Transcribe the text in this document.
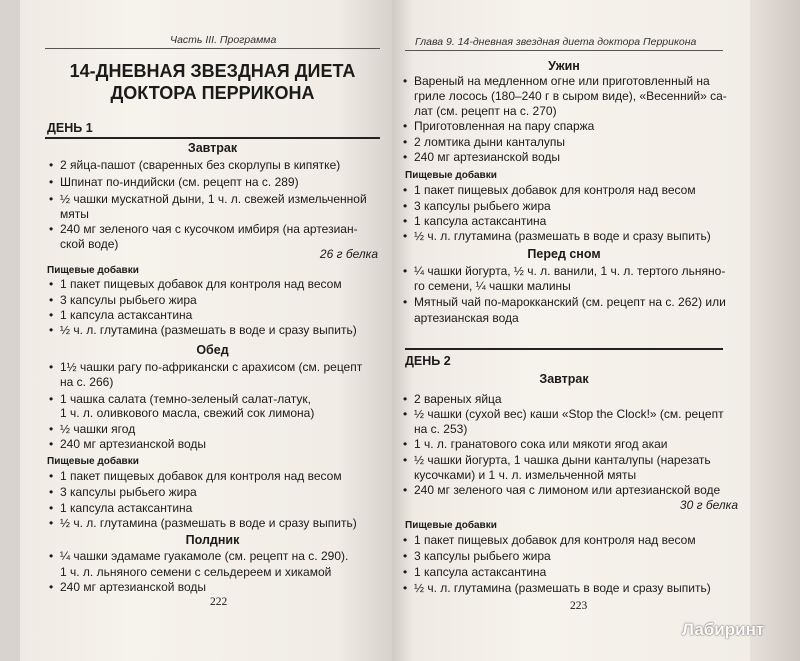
Часть III. Программа
14-ДНЕВНАЯ ЗВЕЗДНАЯ ДИЕТА
ДОКТОРА ПЕРРИКОНА
ДЕНЬ 1
Завтрак
• 2 яйца-пашот (сваренных без скорлупы в кипятке)
• Шпинат по-индийски (см. рецепт на с. 289)
• ½ чашки мускатной дыни, 1 ч. л. свежей измельченной
мяты
• 240 мг зеленого чая с кусочком имбиря (на артезиан-
ской воде)
26 г белка
Пищевые добавки
• 1 пакет пищевых добавок для контроля над весом
• 3 капсулы рыбьего жира
• 1 капсула астаксантина
• ½ ч. л. глутамина (размешать в воде и сразу выпить)
Обед
• 1½ чашки рагу по-африкански с арахисом (см. рецепт
на с. 266)
• 1 чашка салата (темно-зеленый салат-латук,
1 ч. л. оливкового масла, свежий сок лимона)
• ½ чашки ягод
• 240 мг артезианской воды
Пищевые добавки
• 1 пакет пищевых добавок для контроля над весом
• 3 капсулы рыбьего жира
• 1 капсула астаксантина
• ½ ч. л. глутамина (размешать в воде и сразу выпить)
Полдник
• ¼ чашки эдамаме гуакамоле (см. рецепт на с. 290).
1 ч. л. льняного семени с сельдереем и хикамой
• 240 мг артезианской воды
222
Глава 9. 14-дневная звездная диета доктора Перрикона
Ужин
• Вареный на медленном огне или приготовленный на
гриле лосось (180–240 г в сыром виде), «Весенний» са-
лат (см. рецепт на с. 270)
• Приготовленная на пару спаржа
• 2 ломтика дыни канталупы
• 240 мг артезианской воды
Пищевые добавки
• 1 пакет пищевых добавок для контроля над весом
• 3 капсулы рыбьего жира
• 1 капсула астаксантина
• ½ ч. л. глутамина (размешать в воде и сразу выпить)
Перед сном
• ¼ чашки йогурта, ½ ч. л. ванили, 1 ч. л. тертого льняно-
го семени, ¼ чашки малины
• Мятный чай по-марокканский (см. рецепт на с. 262) или
артезианская вода
ДЕНЬ 2
Завтрак
• 2 вареных яйца
• ½ чашки (сухой вес) каши «Stop the Clock!» (см. рецепт
на с. 253)
• 1 ч. л. гранатового сока или мякоти ягод акаи
• ½ чашки йогурта, 1 чашка дыни канталупы (нарезать
кусочками) и 1 ч. л. измельченной мяты
• 240 мг зеленого чая с лимоном или артезианской воде
30 г белка
Пищевые добавки
• 1 пакет пищевых добавок для контроля над весом
• 3 капсулы рыбьего жира
• 1 капсула астаксантина
• ½ ч. л. глутамина (размешать в воде и сразу выпить)
223
Лабиринт
